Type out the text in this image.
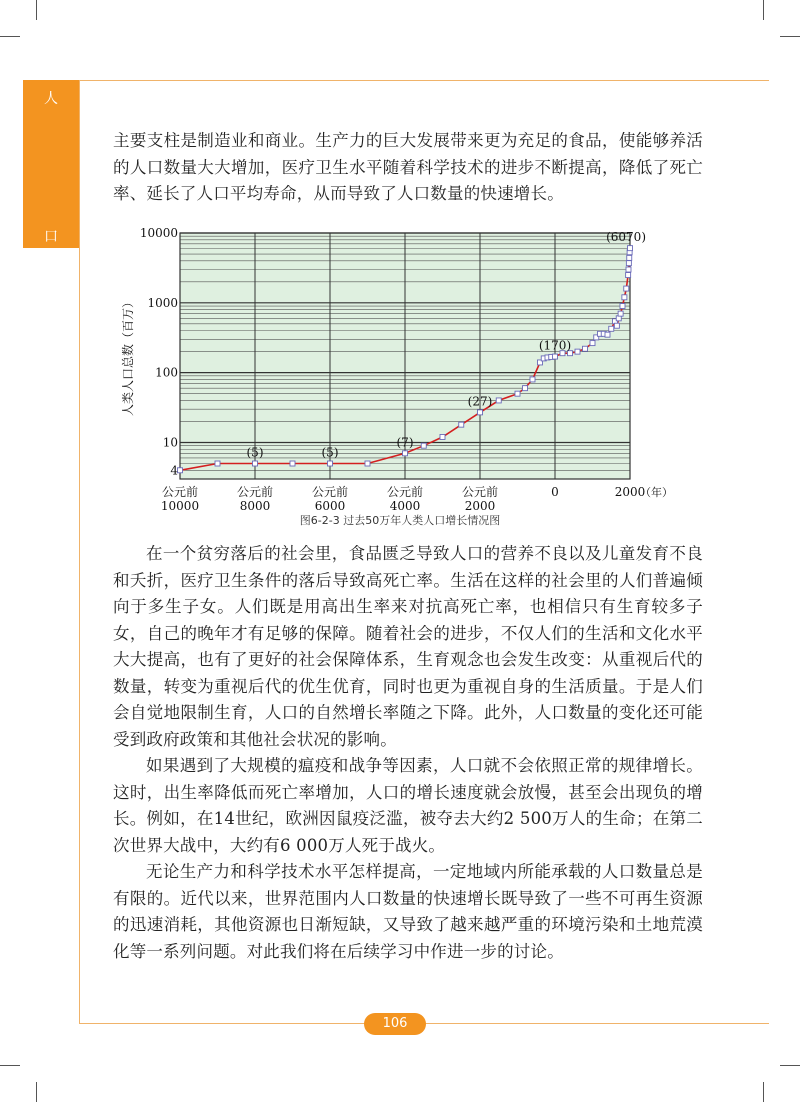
人
口

主要支柱是制造业和商业。生产力的巨大发展带来更为充足的食品，使能够养活的人口数量大大增加，医疗卫生水平随着科学技术的进步不断提高，降低了死亡率、延长了人口平均寿命，从而导致了人口数量的快速增长。

4
10
100
1000
10000
人类人口总数（百万）
公元前
10000
公元前
8000
公元前
6000
公元前
4000
公元前
2000
0	2000
（年）
(5)	(5)
(7)
(27)
(170)
(6070)
图6-2-3 过去50万年人类人口增长情况图

在一个贫穷落后的社会里，食品匮乏导致人口的营养不良以及儿童发育不良和夭折，医疗卫生条件的落后导致高死亡率。生活在这样的社会里的人们普遍倾向于多生子女。人们既是用高出生率来对抗高死亡率，也相信只有生育较多子女，自己的晚年才有足够的保障。随着社会的进步，不仅人们的生活和文化水平大大提高，也有了更好的社会保障体系，生育观念也会发生改变：从重视后代的数量，转变为重视后代的优生优育，同时也更为重视自身的生活质量。于是人们会自觉地限制生育，人口的自然增长率随之下降。此外，人口数量的变化还可能受到政府政策和其他社会状况的影响。

如果遇到了大规模的瘟疫和战争等因素，人口就不会依照正常的规律增长。这时，出生率降低而死亡率增加，人口的增长速度就会放慢，甚至会出现负的增长。例如，在14世纪，欧洲因鼠疫泛滥，被夺去大约2 500万人的生命；在第二次世界大战中，大约有6 000万人死于战火。

无论生产力和科学技术水平怎样提高，一定地域内所能承载的人口数量总是有限的。近代以来，世界范围内人口数量的快速增长既导致了一些不可再生资源的迅速消耗，其他资源也日渐短缺，又导致了越来越严重的环境污染和土地荒漠化等一系列问题。对此我们将在后续学习中作进一步的讨论。

106
